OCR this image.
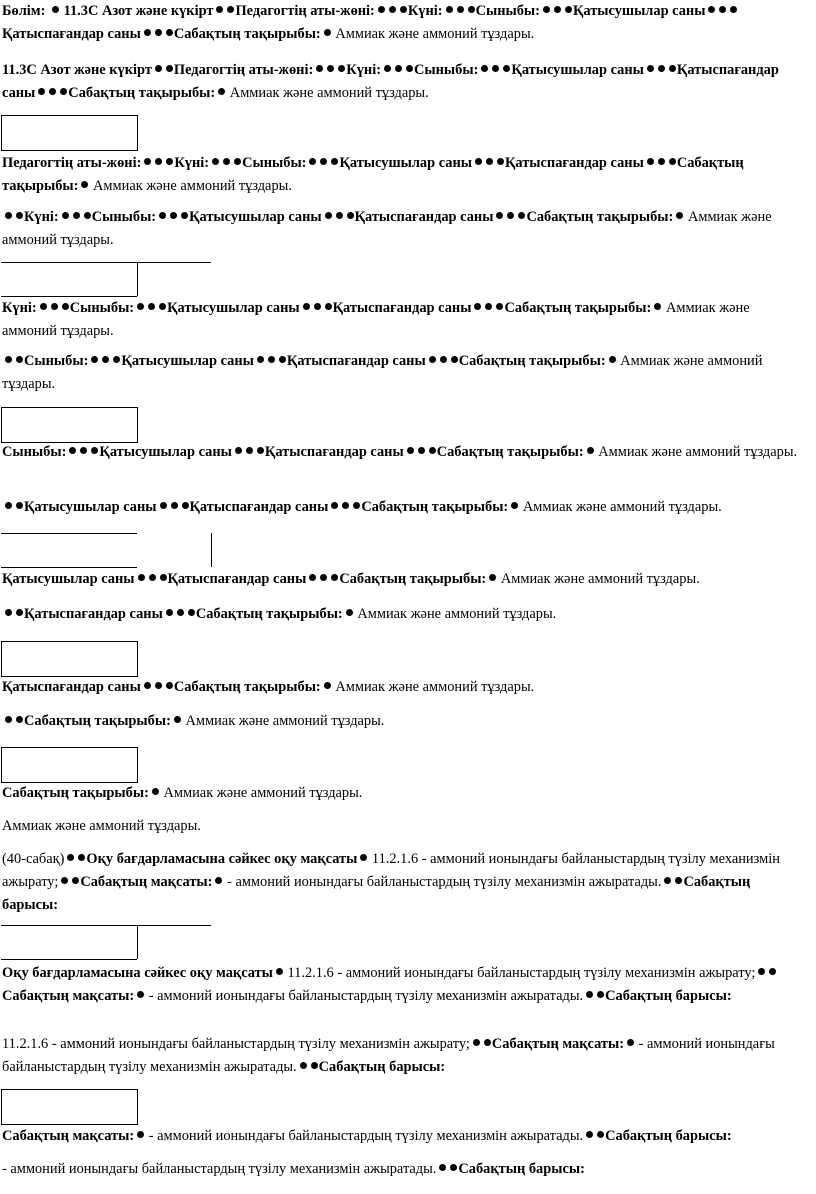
Бөлім:  11.3С Азот және күкірт Педагогтің аты-жөні: Күні: Сыныбы: Қатысушылар саныҚатыспағандар саны Сабақтың тақырыбы: Аммиак және аммоний тұздары.

11.3С Азот және күкірт Педагогтің аты-жөні: Күні: Сыныбы: Қатысушылар саны Қатыспағандар саны Сабақтың тақырыбы: Аммиак және аммоний тұздары.

Педагогтің аты-жөні: Күні: Сыныбы: Қатысушылар саны Қатыспағандар саны Сабақтың тақырыбы: Аммиак және аммоний тұздары.

Күні: Сыныбы: Қатысушылар саны Қатыспағандар саны Сабақтың тақырыбы: Аммиак және аммоний тұздары.

Күні: Сыныбы: Қатысушылар саны Қатыспағандар саны Сабақтың тақырыбы: Аммиак және аммоний тұздары.

Сыныбы: Қатысушылар саны Қатыспағандар саны Сабақтың тақырыбы: Аммиак және аммоний тұздары.

Сыныбы: Қатысушылар саны Қатыспағандар саны Сабақтың тақырыбы: Аммиак және аммоний тұздары.

Қатысушылар саны Қатыспағандар саны Сабақтың тақырыбы: Аммиак және аммоний тұздары.

Қатысушылар саны Қатыспағандар саны Сабақтың тақырыбы: Аммиак және аммоний тұздары.

Қатыспағандар саны Сабақтың тақырыбы: Аммиак және аммоний тұздары.

Қатыспағандар саны Сабақтың тақырыбы: Аммиак және аммоний тұздары.

Сабақтың тақырыбы: Аммиак және аммоний тұздары.

Сабақтың тақырыбы: Аммиак және аммоний тұздары.

Аммиак және аммоний тұздары.

(40-сабақ) Оқу бағдарламасына сәйкес оқу мақсаты 11.2.1.6 - аммоний ионындағы байланыстардың түзілу механизмін ажырату; Сабақтың мақсаты: - аммоний ионындағы байланыстардың түзілу механизмін ажыратады. Сабақтың барысы:

Оқу бағдарламасына сәйкес оқу мақсаты 11.2.1.6 - аммоний ионындағы байланыстардың түзілу механизмін ажырату;Сабақтың мақсаты: - аммоний ионындағы байланыстардың түзілу механизмін ажыратады. Сабақтың барысы:

11.2.1.6 - аммоний ионындағы байланыстардың түзілу механизмін ажырату; Сабақтың мақсаты: - аммоний ионындағы байланыстардың түзілу механизмін ажыратады. Сабақтың барысы:

Сабақтың мақсаты: - аммоний ионындағы байланыстардың түзілу механизмін ажыратады. Сабақтың барысы:

- аммоний ионындағы байланыстардың түзілу механизмін ажыратады. Сабақтың барысы:
